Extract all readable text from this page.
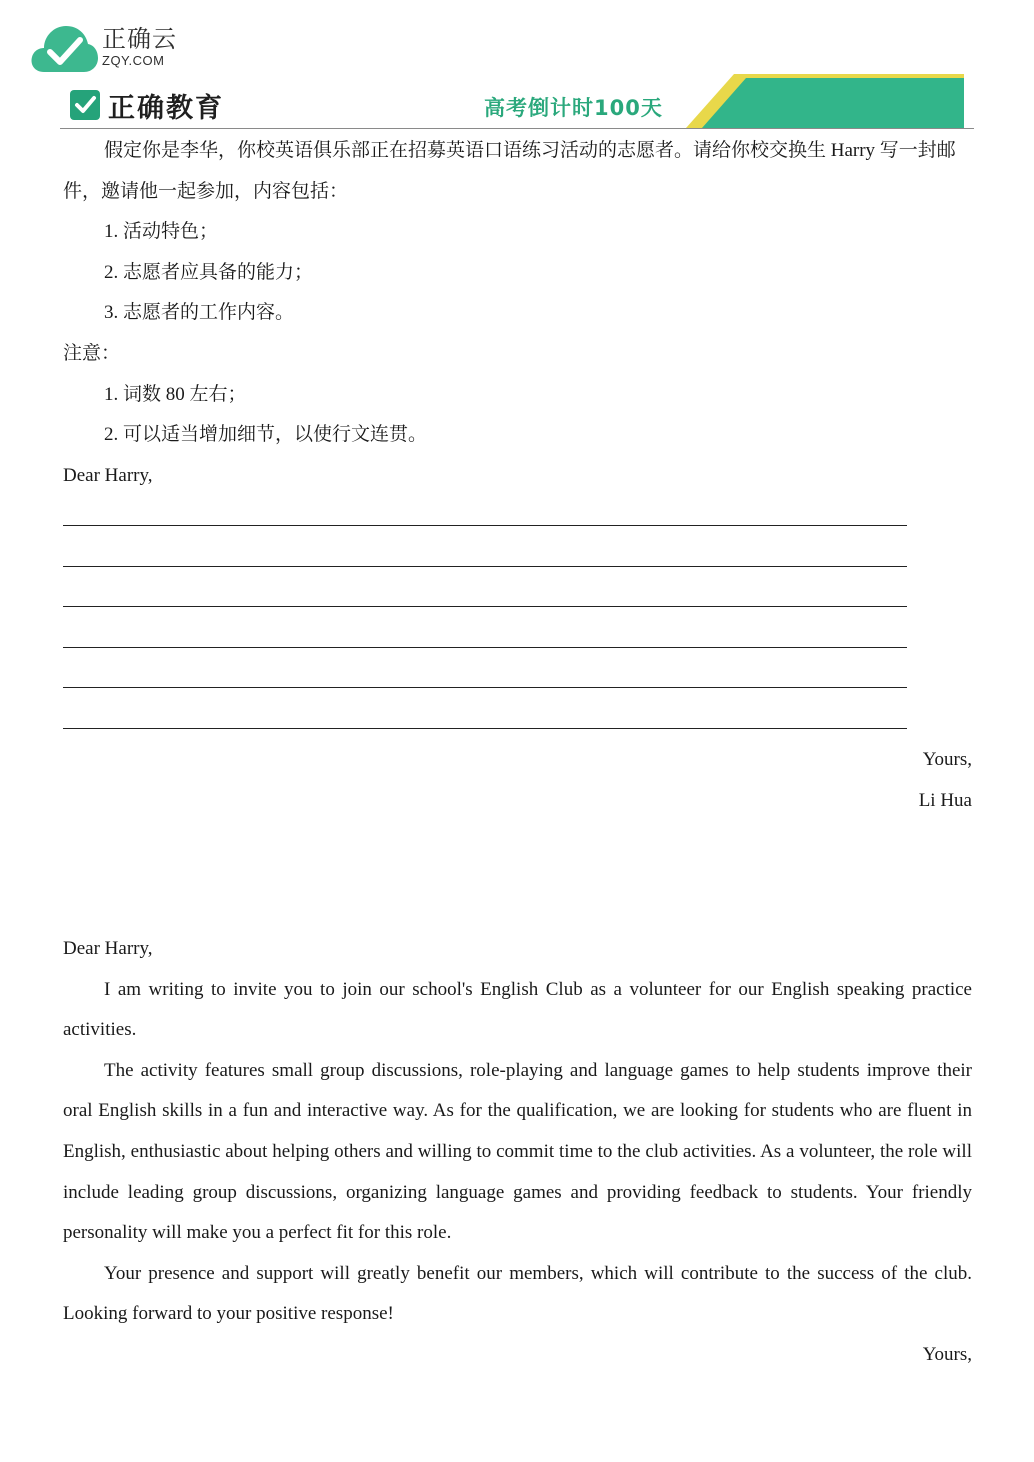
正确云
ZQY.COM
正确教育	高考倒计时100天
每日一题

假定你是李华，你校英语俱乐部正在招募英语口语练习活动的志愿者。请给你校交换生 Harry 写一封邮件，邀请他一起参加，内容包括：

1. 活动特色；
2. 志愿者应具备的能力；
3. 志愿者的工作内容。
注意：
1. 词数 80 左右；
2. 可以适当增加细节，以使行文连贯。
Dear Harry,
Yours,
Li Hua
Dear Harry,

I am writing to invite you to join our school's English Club as a volunteer for our English speaking practice activities.

The activity features small group discussions, role-playing and language games to help students improve their oral English skills in a fun and interactive way. As for the qualification, we are looking for students who are fluent in English, enthusiastic about helping others and willing to commit time to the club activities. As a volunteer, the role will include leading group discussions, organizing language games and providing feedback to students. Your friendly personality will make you a perfect fit for this role.

Your presence and support will greatly benefit our members, which will contribute to the success of the club. Looking forward to your positive response!

Yours,
